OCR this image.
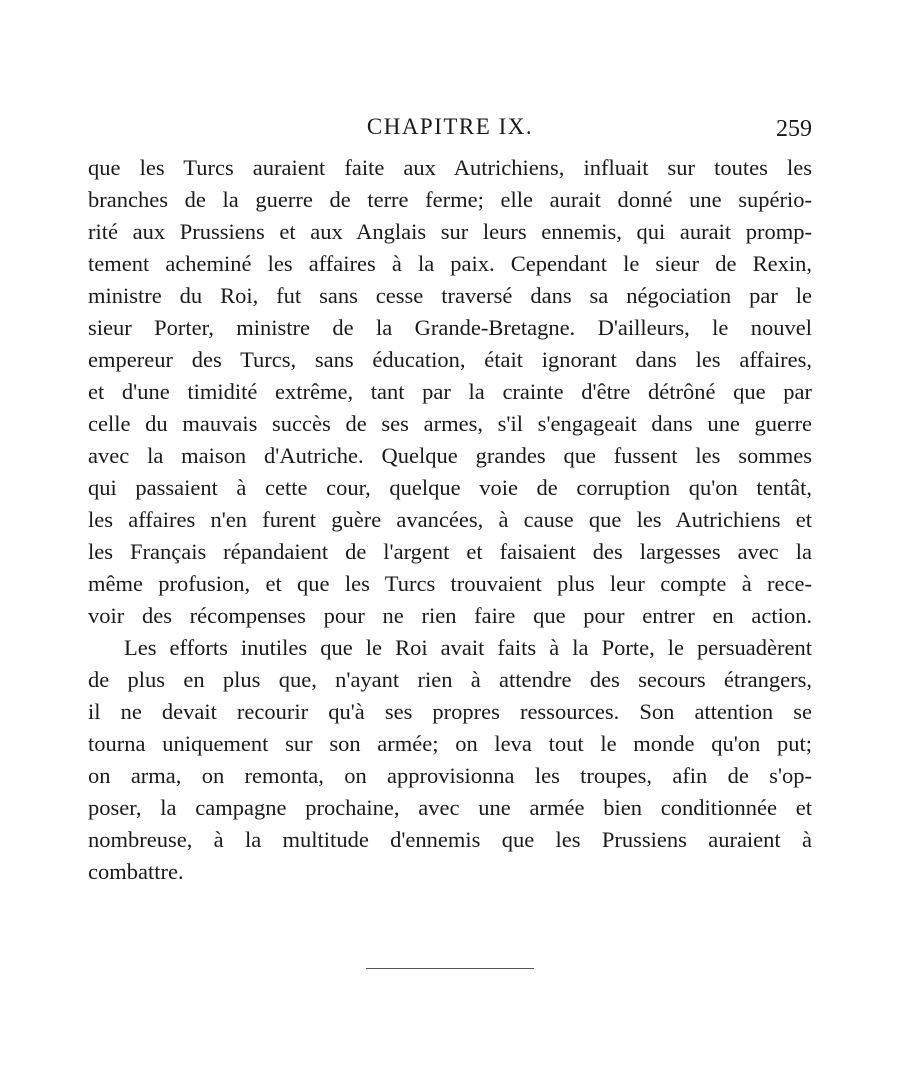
CHAPITRE IX.	259
que les Turcs auraient faite aux Autrichiens, influait sur toutes les
branches de la guerre de terre ferme; elle aurait donné une supério-
rité aux Prussiens et aux Anglais sur leurs ennemis, qui aurait promp-
tement acheminé les affaires à la paix. Cependant le sieur de Rexin,
ministre du Roi, fut sans cesse traversé dans sa négociation par le
sieur Porter, ministre de la Grande-Bretagne. D'ailleurs, le nouvel
empereur des Turcs, sans éducation, était ignorant dans les affaires,
et d'une timidité extrême, tant par la crainte d'être détrôné que par
celle du mauvais succès de ses armes, s'il s'engageait dans une guerre
avec la maison d'Autriche. Quelque grandes que fussent les sommes
qui passaient à cette cour, quelque voie de corruption qu'on tentât,
les affaires n'en furent guère avancées, à cause que les Autrichiens et
les Français répandaient de l'argent et faisaient des largesses avec la
même profusion, et que les Turcs trouvaient plus leur compte à rece-
voir des récompenses pour ne rien faire que pour entrer en action.
Les efforts inutiles que le Roi avait faits à la Porte, le persuadèrent
de plus en plus que, n'ayant rien à attendre des secours étrangers,
il ne devait recourir qu'à ses propres ressources. Son attention se
tourna uniquement sur son armée; on leva tout le monde qu'on put;
on arma, on remonta, on approvisionna les troupes, afin de s'op-
poser, la campagne prochaine, avec une armée bien conditionnée et
nombreuse, à la multitude d'ennemis que les Prussiens auraient à
combattre.
